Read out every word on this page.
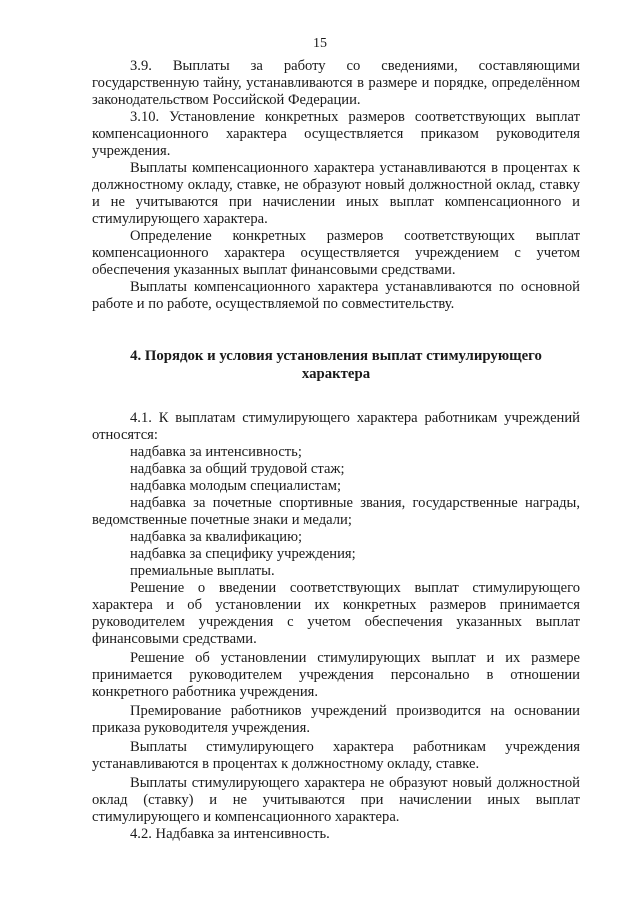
15

3.9. Выплаты за работу со сведениями, составляющими государственную тайну, устанавливаются в размере и порядке, определённом законодательством Российской Федерации.

3.10. Установление конкретных размеров соответствующих выплат компенсационного характера осуществляется приказом руководителя учреждения.

Выплаты компенсационного характера устанавливаются в процентах к должностному окладу, ставке, не образуют новый должностной оклад, ставку и не учитываются при начислении иных выплат компенсационного и стимулирующего характера.

Определение конкретных размеров соответствующих выплат компенсационного характера осуществляется учреждением с учетом обеспечения указанных выплат финансовыми средствами.

Выплаты компенсационного характера устанавливаются по основной работе и по работе, осуществляемой по совместительству.

4. Порядок и условия установления выплат стимулирующего
характера

4.1. К выплатам стимулирующего характера работникам учреждений относятся:

надбавка за интенсивность;

надбавка за общий трудовой стаж;

надбавка молодым специалистам;

надбавка за почетные спортивные звания, государственные награды, ведомственные почетные знаки и медали;

надбавка за квалификацию;

надбавка за специфику учреждения;

премиальные выплаты.

Решение о введении соответствующих выплат стимулирующего характера и об установлении их конкретных размеров принимается руководителем учреждения с учетом обеспечения указанных выплат финансовыми средствами.

Решение об установлении стимулирующих выплат и их размере принимается руководителем учреждения персонально в отношении конкретного работника учреждения.

Премирование работников учреждений производится на основании приказа руководителя учреждения.

Выплаты стимулирующего характера работникам учреждения устанавливаются в процентах к должностному окладу, ставке.

Выплаты стимулирующего характера не образуют новый должностной оклад (ставку) и не учитываются при начислении иных выплат стимулирующего и компенсационного характера.

4.2. Надбавка за интенсивность.
